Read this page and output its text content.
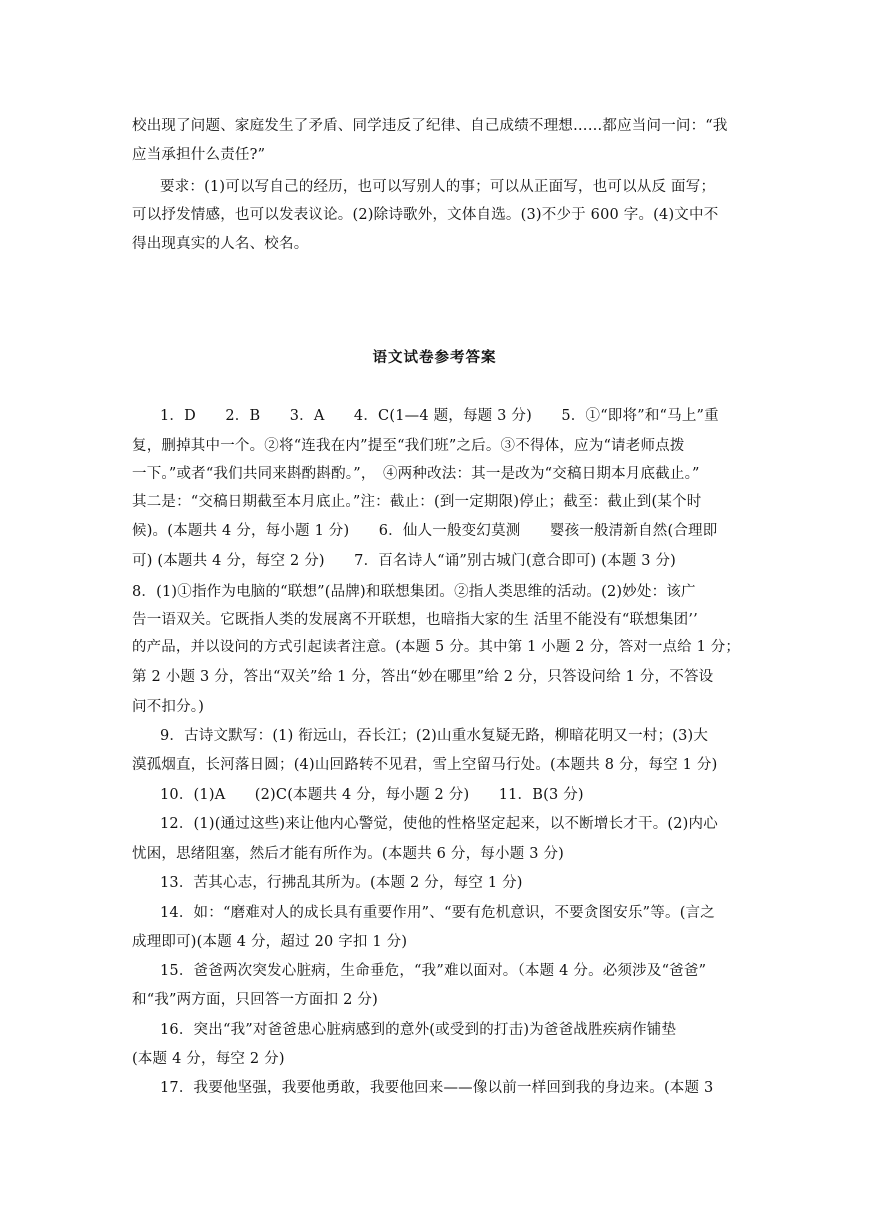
校出现了问题、家庭发生了矛盾、同学违反了纪律、自己成绩不理想……都应当问一问：“我
应当承担什么责任?”
要求：(1)可以写自己的经历，也可以写别人的事；可以从正面写，也可以从反 面写；
可以抒发情感，也可以发表议论。(2)除诗歌外，文体自选。(3)不少于 600 字。(4)文中不
得出现真实的人名、校名。
语文试卷参考答案
1．D　　2．B　　3．A　　4．C(1—4 题，每题 3 分)　　5．①“即将”和“马上”重
复，删掉其中一个。②将“连我在内”提至“我们班”之后。③不得体，应为“请老师点拨
一下。”或者“我们共同来斟酌斟酌。”，　④两种改法：其一是改为“交稿日期本月底截止。”
其二是：“交稿日期截至本月底止。”注：截止：(到一定期限)停止；截至：截止到(某个时
候)。(本题共 4 分，每小题 1 分)　　6．仙人一般变幻莫测　　婴孩一般清新自然(合理即
可) (本题共 4 分，每空 2 分)　　7．百名诗人“诵”别古城门(意合即可) (本题 3 分)
8．(1)①指作为电脑的“联想”(品牌)和联想集团。②指人类思维的活动。(2)妙处：该广
告一语双关。它既指人类的发展离不开联想，也暗指大家的生 活里不能没有“联想集团’’
的产品，并以设问的方式引起读者注意。(本题 5 分。其中第 1 小题 2 分，答对一点给 1 分；
第 2 小题 3 分，答出“双关”给 1 分，答出“妙在哪里”给 2 分，只答设问给 1 分，不答设
问不扣分。)
9．古诗文默写：(1) 衔远山，吞长江；(2)山重水复疑无路，柳暗花明又一村；(3)大
漠孤烟直，长河落日圆；(4)山回路转不见君，雪上空留马行处。(本题共 8 分，每空 1 分)
10．(1)A　　(2)C(本题共 4 分，每小题 2 分)　　11．B(3 分)
12．(1)(通过这些)来让他内心警觉，使他的性格坚定起来，以不断增长才干。(2)内心
忧困，思绪阻塞，然后才能有所作为。(本题共 6 分，每小题 3 分)
13．苦其心志，行拂乱其所为。(本题 2 分，每空 1 分)
14．如：“磨难对人的成长具有重要作用”、“要有危机意识，不要贪图安乐”等。(言之
成理即可)(本题 4 分，超过 20 字扣 1 分)
15．爸爸两次突发心脏病，生命垂危，“我”难以面对。（本题 4 分。必须涉及“爸爸”
和“我”两方面，只回答一方面扣 2 分)
16．突出“我”对爸爸患心脏病感到的意外(或受到的打击)为爸爸战胜疾病作铺垫
(本题 4 分，每空 2 分)
17．我要他坚强，我要他勇敢，我要他回来——像以前一样回到我的身边来。(本题 3
